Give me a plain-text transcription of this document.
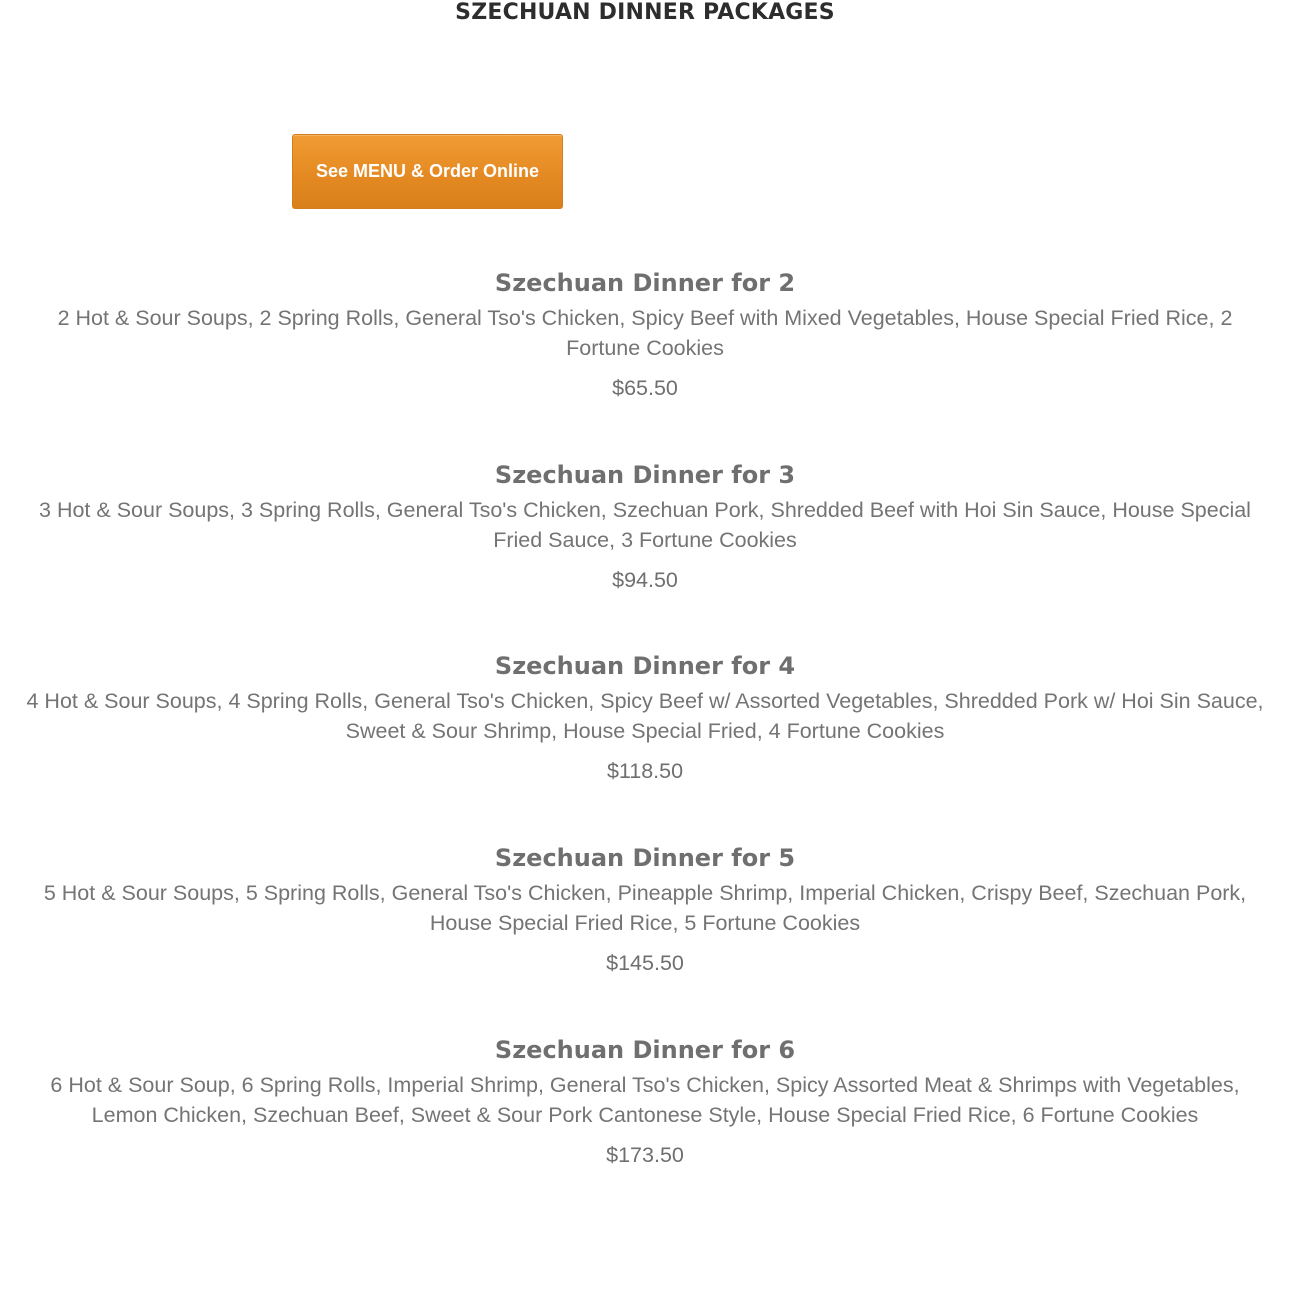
SZECHUAN DINNER PACKAGES
See MENU & Order Online
Szechuan Dinner for 2
2 Hot & Sour Soups, 2 Spring Rolls, General Tso's Chicken, Spicy Beef with Mixed Vegetables, House Special Fried Rice, 2 Fortune Cookies
$65.50
Szechuan Dinner for 3
3 Hot & Sour Soups, 3 Spring Rolls, General Tso's Chicken, Szechuan Pork, Shredded Beef with Hoi Sin Sauce, House Special Fried Sauce, 3 Fortune Cookies
$94.50
Szechuan Dinner for 4
4 Hot & Sour Soups, 4 Spring Rolls, General Tso's Chicken, Spicy Beef w/ Assorted Vegetables, Shredded Pork w/ Hoi Sin Sauce, Sweet & Sour Shrimp, House Special Fried, 4 Fortune Cookies
$118.50
Szechuan Dinner for 5
5 Hot & Sour Soups, 5 Spring Rolls, General Tso's Chicken, Pineapple Shrimp, Imperial Chicken, Crispy Beef, Szechuan Pork, House Special Fried Rice, 5 Fortune Cookies
$145.50
Szechuan Dinner for 6
6 Hot & Sour Soup, 6 Spring Rolls, Imperial Shrimp, General Tso's Chicken, Spicy Assorted Meat & Shrimps with Vegetables, Lemon Chicken, Szechuan Beef, Sweet & Sour Pork Cantonese Style, House Special Fried Rice, 6 Fortune Cookies
$173.50
